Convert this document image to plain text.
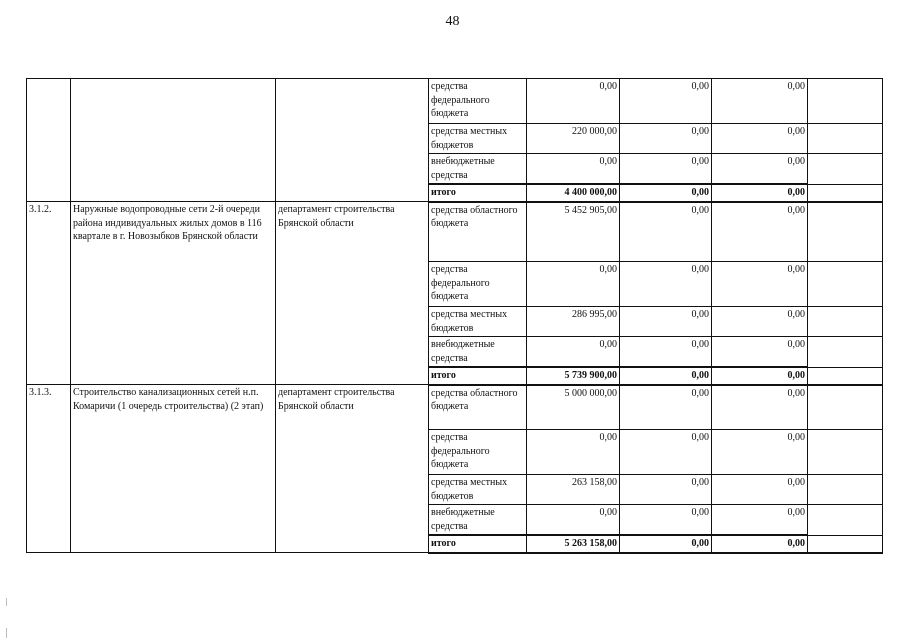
48
			средства федерального бюджета	0,00	0,00	0,00	
			средства местных бюджетов	220 000,00	0,00	0,00	
			внебюджетные средства	0,00	0,00	0,00	
			итого	4 400 000,00	0,00	0,00	
3.1.2.	Наружные водопроводные сети 2-й очереди района индивидуальных жилых домов в 116 квартале в г. Новозыбков Брянской области	департамент строительства Брянской области	средства областного бюджета	5 452 905,00	0,00	0,00	
			средства федерального бюджета	0,00	0,00	0,00	
			средства местных бюджетов	286 995,00	0,00	0,00	
			внебюджетные средства	0,00	0,00	0,00	
			итого	5 739 900,00	0,00	0,00	
3.1.3.	Строительство канализационных сетей н.п. Комаричи (1 очередь строительства) (2 этап)	департамент строительства Брянской области	средства областного бюджета	5 000 000,00	0,00	0,00	
			средства федерального бюджета	0,00	0,00	0,00	
			средства местных бюджетов	263 158,00	0,00	0,00	
			внебюджетные средства	0,00	0,00	0,00	
			итого	5 263 158,00	0,00	0,00	
